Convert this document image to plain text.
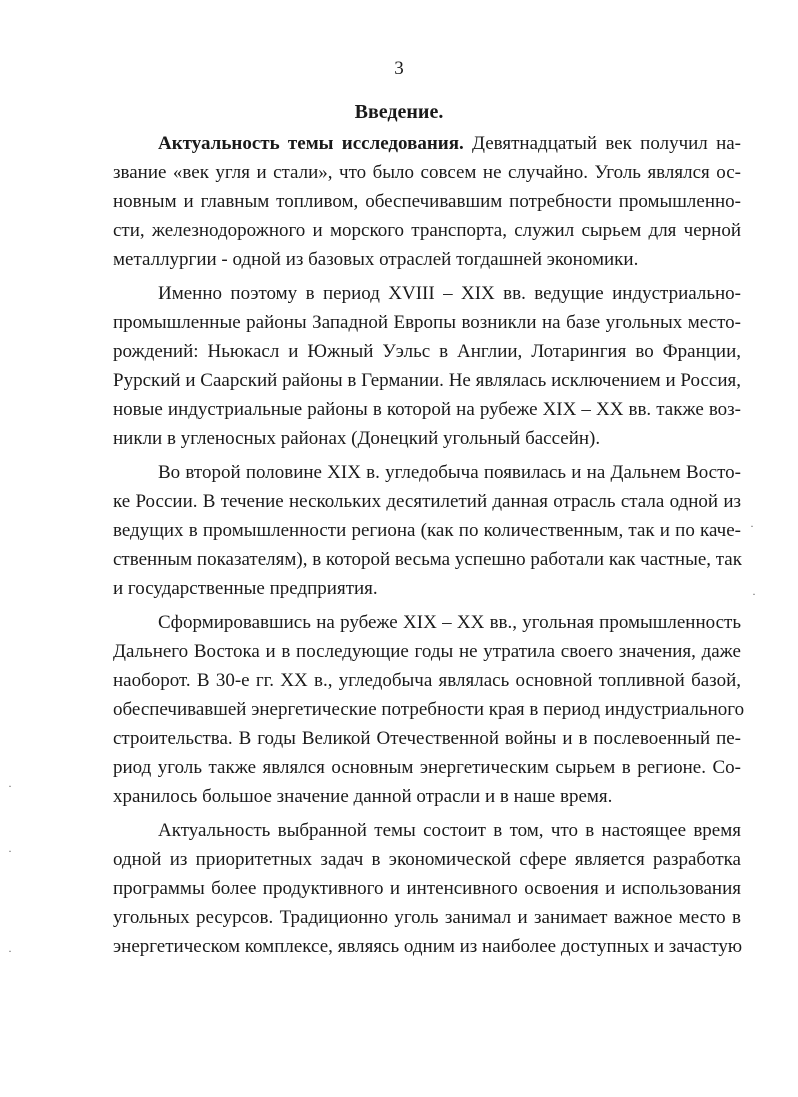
3
Введение.
Актуальность темы исследования. Девятнадцатый век получил на-
звание «век угля и стали», что было совсем не случайно. Уголь являлся ос-
новным и главным топливом, обеспечивавшим потребности промышленно-
сти, железнодорожного и морского транспорта, служил сырьем для черной
металлургии - одной из базовых отраслей тогдашней экономики.
Именно поэтому в период XVIII – XIX вв. ведущие индустриально-
промышленные районы Западной Европы возникли на базе угольных место-
рождений: Ньюкасл и Южный Уэльс в Англии, Лотарингия во Франции,
Рурский и Саарский районы в Германии. Не являлась исключением и Россия,
новые индустриальные районы в которой на рубеже XIX – XX вв. также воз-
никли в угленосных районах (Донецкий угольный бассейн).
Во второй половине XIX в. угледобыча появилась и на Дальнем Восто-
ке России. В течение нескольких десятилетий данная отрасль стала одной из
ведущих в промышленности региона (как по количественным, так и по каче-
ственным показателям), в которой весьма успешно работали как частные, так
и государственные предприятия.
Сформировавшись на рубеже XIX – XX вв., угольная промышленность
Дальнего Востока и в последующие годы не утратила своего значения, даже
наоборот. В 30-е гг. XX в., угледобыча являлась основной топливной базой,
обеспечивавшей энергетические потребности края в период индустриального
строительства. В годы Великой Отечественной войны и в послевоенный пе-
риод уголь также являлся основным энергетическим сырьем в регионе. Со-
хранилось большое значение данной отрасли и в наше время.
Актуальность выбранной темы состоит в том, что в настоящее время
одной из приоритетных задач в экономической сфере является разработка
программы более продуктивного и интенсивного освоения и использования
угольных ресурсов. Традиционно уголь занимал и занимает важное место в
энергетическом комплексе, являясь одним из наиболее доступных и зачастую
·
·
·
·
·
